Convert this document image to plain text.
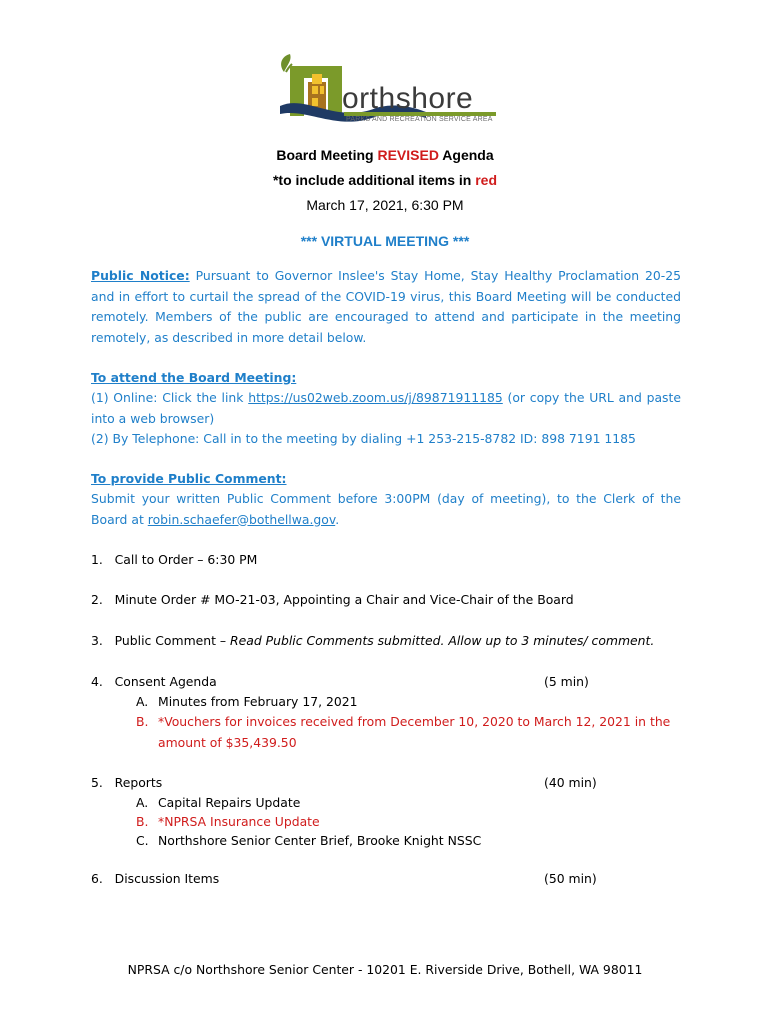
orthshore
PARKS AND RECREATION SERVICE AREA
Board Meeting REVISED Agenda
*to include additional items in red
March 17, 2021, 6:30 PM
*** VIRTUAL MEETING ***
Public Notice: Pursuant to Governor Inslee's Stay Home, Stay Healthy Proclamation 20-25 and in effort to curtail the spread of the COVID-19 virus, this Board Meeting will be conducted remotely. Members of the public are encouraged to attend and participate in the meeting remotely, as described in more detail below.
To attend the Board Meeting:
(1) Online: Click the link https://us02web.zoom.us/j/89871911185 (or copy the URL and paste into a web browser)
(2) By Telephone: Call in to the meeting by dialing +1 253-215-8782 ID: 898 7191 1185
To provide Public Comment:
Submit your written Public Comment before 3:00PM (day of meeting), to the Clerk of the Board at robin.schaefer@bothellwa.gov.
1. Call to Order – 6:30 PM
2. Minute Order # MO-21-03, Appointing a Chair and Vice-Chair of the Board
3. Public Comment – Read Public Comments submitted. Allow up to 3 minutes/ comment.
4. Consent Agenda	(5 min)
A. Minutes from February 17, 2021
B. *Vouchers for invoices received from December 10, 2020 to March 12, 2021 in the amount of $35,439.50
5. Reports	(40 min)
A. Capital Repairs Update
B. *NPRSA Insurance Update
C. Northshore Senior Center Brief, Brooke Knight NSSC
6. Discussion Items	(50 min)
NPRSA c/o Northshore Senior Center - 10201 E. Riverside Drive, Bothell, WA 98011
